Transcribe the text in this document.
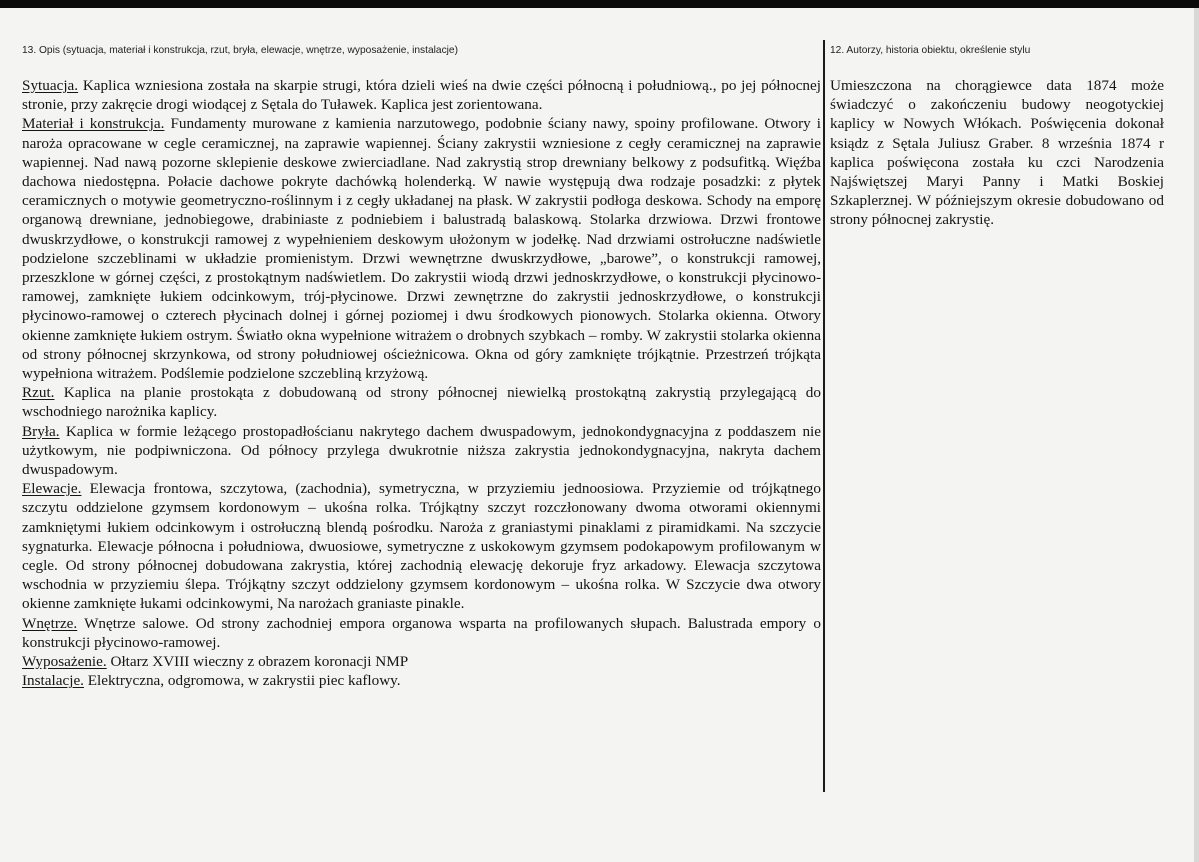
13. Opis (sytuacja, materiał i konstrukcja, rzut, bryła, elewacje, wnętrze, wyposażenie, instalacje)	12. Autorzy, historia obiektu, określenie stylu

Sytuacja. Kaplica wzniesiona została na skarpie strugi, która dzieli wieś na dwie części północną i południową., po jej północnej stronie, przy zakręcie drogi wiodącej z Sętala do Tuławek. Kaplica jest zorientowana.

Materiał i konstrukcja. Fundamenty murowane z kamienia narzutowego, podobnie ściany nawy, spoiny profilowane. Otwory i naroża opracowane w cegle ceramicznej, na zaprawie wapiennej. Ściany zakrystii wzniesione z cegły ceramicznej na zaprawie wapiennej. Nad nawą pozorne sklepienie deskowe zwierciadlane. Nad zakrystią strop drewniany belkowy z podsufitką. Więźba dachowa niedostępna. Połacie dachowe pokryte dachówką holenderką. W nawie występują dwa rodzaje posadzki: z płytek ceramicznych o motywie geometryczno-roślinnym i z cegły układanej na płask. W zakrystii podłoga deskowa. Schody na emporę organową drewniane, jednobiegowe, drabiniaste z podniebiem i balustradą balaskową. Stolarka drzwiowa. Drzwi frontowe dwuskrzydłowe, o konstrukcji ramowej z wypełnieniem deskowym ułożonym w jodełkę. Nad drzwiami ostrołuczne nadświetle podzielone szczeblinami w układzie promienistym. Drzwi wewnętrzne dwuskrzydłowe, „barowe”, o konstrukcji ramowej, przeszklone w górnej części, z prostokątnym nadświetlem. Do zakrystii wiodą drzwi jednoskrzydłowe, o konstrukcji płycinowo-ramowej, zamknięte łukiem odcinkowym, trój-płycinowe. Drzwi zewnętrzne do zakrystii jednoskrzydłowe, o konstrukcji płycinowo-ramowej o czterech płycinach dolnej i górnej poziomej i dwu środkowych pionowych. Stolarka okienna. Otwory okienne zamknięte łukiem ostrym. Światło okna wypełnione witrażem o drobnych szybkach – romby. W zakrystii stolarka okienna od strony północnej skrzynkowa, od strony południowej ościeżnicowa. Okna od góry zamknięte trójkątnie. Przestrzeń trójkąta wypełniona witrażem. Podślemie podzielone szczebliną krzyżową.

Rzut. Kaplica na planie prostokąta z dobudowaną od strony północnej niewielką prostokątną zakrystią przylegającą do wschodniego narożnika kaplicy.

Bryła. Kaplica w formie leżącego prostopadłościanu nakrytego dachem dwuspadowym, jednokondygnacyjna z poddaszem nie użytkowym, nie podpiwniczona. Od północy przylega dwukrotnie niższa zakrystia jednokondygnacyjna, nakryta dachem dwuspadowym.

Elewacje. Elewacja frontowa, szczytowa, (zachodnia), symetryczna, w przyziemiu jednoosiowa. Przyziemie od trójkątnego szczytu oddzielone gzymsem kordonowym – ukośna rolka. Trójkątny szczyt rozczłonowany dwoma otworami okiennymi zamkniętymi łukiem odcinkowym i ostrołuczną blendą pośrodku. Naroża z graniastymi pinaklami z piramidkami. Na szczycie sygnaturka. Elewacje północna i południowa, dwuosiowe, symetryczne z uskokowym gzymsem podokapowym profilowanym w cegle. Od strony północnej dobudowana zakrystia, której zachodnią elewację dekoruje fryz arkadowy. Elewacja szczytowa wschodnia w przyziemiu ślepa. Trójkątny szczyt oddzielony gzymsem kordonowym – ukośna rolka. W Szczycie dwa otwory okienne zamknięte łukami odcinkowymi, Na narożach graniaste pinakle.

Wnętrze. Wnętrze salowe. Od strony zachodniej empora organowa wsparta na profilowanych słupach. Balustrada empory o konstrukcji płycinowo-ramowej.

Wyposażenie. Ołtarz XVIII wieczny z obrazem koronacji NMP

Instalacje. Elektryczna, odgromowa, w zakrystii piec kaflowy.

Umieszczona na chorągiewce data 1874 może świadczyć o zakończeniu budowy neogotyckiej kaplicy w Nowych Włókach. Poświęcenia dokonał ksiądz z Sętala Juliusz Graber. 8 września 1874 r kaplica poświęcona została ku czci Narodzenia Najświętszej Maryi Panny i Matki Boskiej Szkaplerznej. W późniejszym okresie dobudowano od strony północnej zakrystię.
